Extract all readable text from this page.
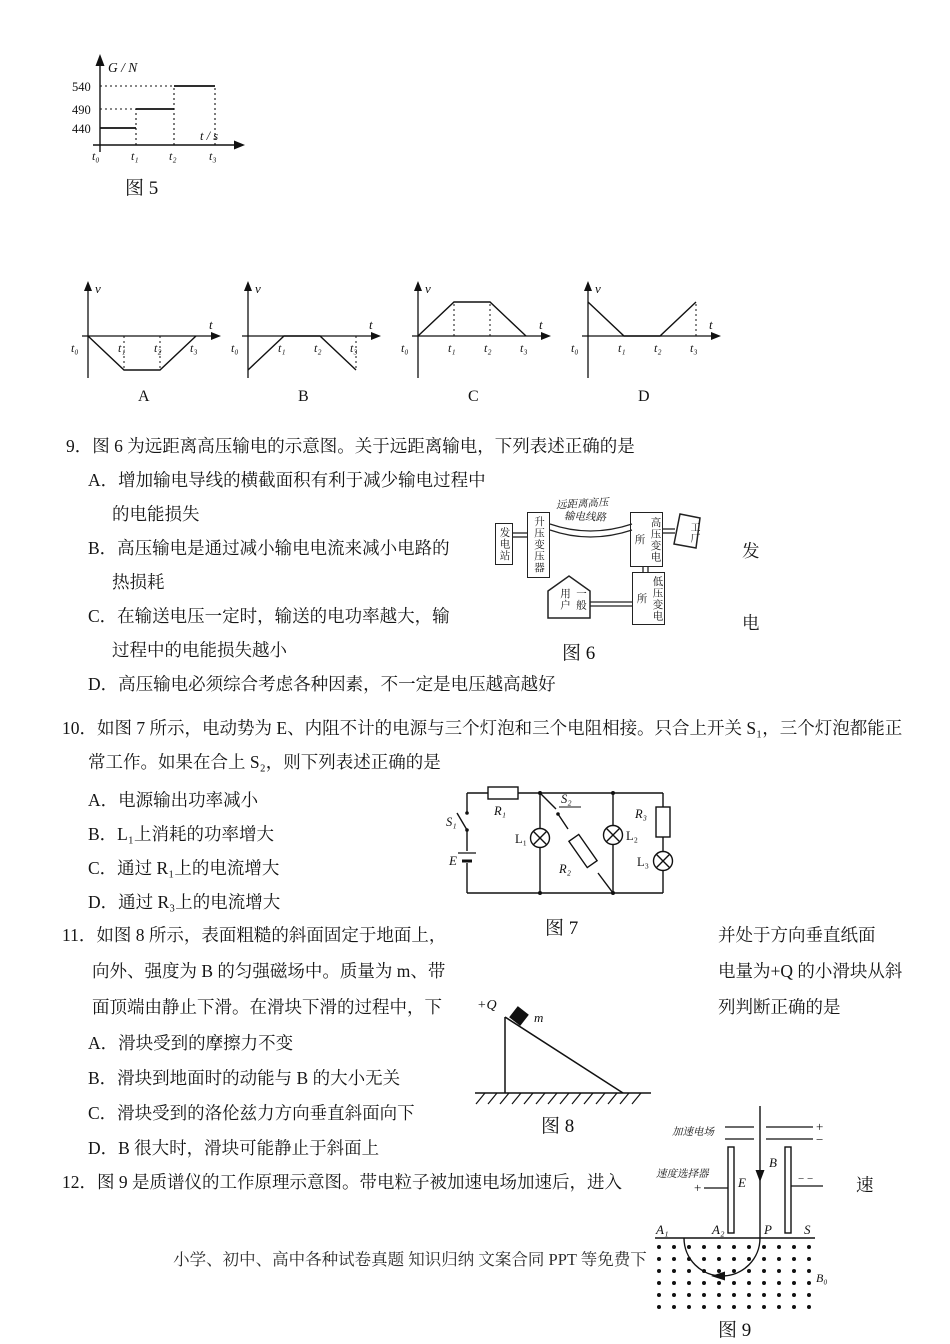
G / N
540
490
440	t / s
t₀	t₁	t₂	t₃
图 5
v
t
t₀	t₁ t₂ t₃
A
v
t
t₀	t₁ t₂ t₃
B
v
t
t₀	t₁ t₂ t₃
C
v
t
t₀	t₁ t₂ t₃
D
9．图 6 为远距离高压输电的示意图。关于远距离输电，下列表述正确的是
A．增加输电导线的横截面积有利于减少输电过程中
的电能损失
B．高压输电是通过减小输电电流来减小电路的
热损耗
C．在输送电压一定时，输送的电功率越大，输
过程中的电能损失越小
D．高压输电必须综合考虑各种因素，不一定是电压越高越好
发
电
远距离高压
输电线路
发电站	升压变压器	高压变电所
低压变电所
工厂
一般用户
图 6
10．如图 7 所示，电动势为 E、内阻不计的电源与三个灯泡和三个电阻相接。只合上开关 S₁，三个灯泡都能正
常工作。如果在合上 S₂，则下列表述正确的是
A．电源输出功率减小
B．L₁上消耗的功率增大
C．通过 R₁上的电流增大
D．通过 R₃上的电流增大
S₁
E
R₁
S₂
L₁
R₂
L₂
R₃
L₃
图 7
11．如图 8 所示，表面粗糙的斜面固定于地面上，
向外、强度为 B 的匀强磁场中。质量为 m、带
面顶端由静止下滑。在滑块下滑的过程中，下
并处于方向垂直纸面
电量为+Q 的小滑块从斜
列判断正确的是
A．滑块受到的摩擦力不变
B．滑块到地面时的动能与 B 的大小无关
C．滑块受到的洛伦兹力方向垂直斜面向下
D．B 很大时，滑块可能静止于斜面上
+Q
m
图 8
12．图 9 是质谱仪的工作原理示意图。带电粒子被加速电场加速后，进入	速
+
+
−
− −
E
B
A₁	A₂	P S
B₀
图 9
加速电场
速度选择器
小学、初中、高中各种试卷真题 知识归纳 文案合同 PPT 等免费下
